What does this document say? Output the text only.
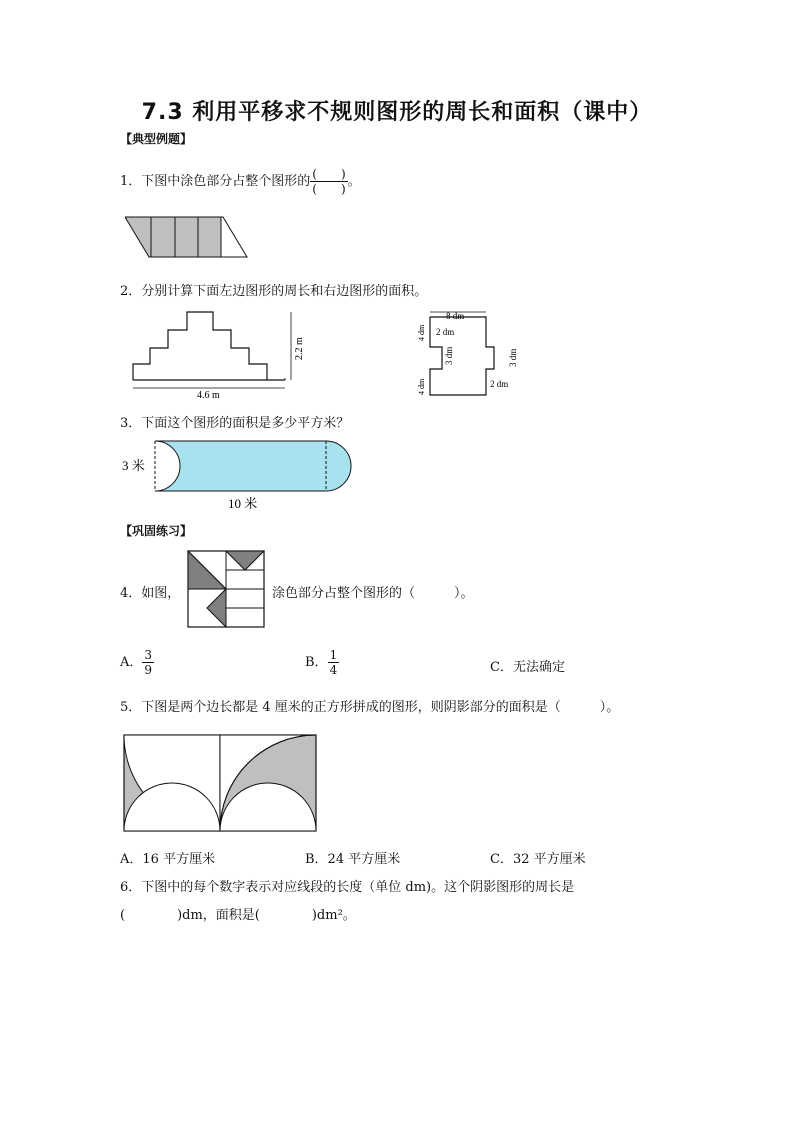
7.3 利用平移求不规则图形的周长和面积（课中）
【典型例题】
1．下图中涂色部分占整个图形的 $\frac{( )}{( )}$ 。
2．分别计算下面左边图形的周长和右边图形的面积。
4.6 m
2.2 m
8 dm
4 dm 2 dm
3 dm	3 dm
4 dm	2 dm
3．下面这个图形的面积是多少平方米？
3 米
10 米
【巩固练习】
4．如图，	涂色部分占整个图形的（　　　）。
A． $\frac{3}{9}$	B． $\frac{1}{4}$	C．无法确定
5．下图是两个边长都是 4 厘米的正方形拼成的图形，则阴影部分的面积是（　　　）。
A．16 平方厘米	B．24 平方厘米	C．32 平方厘米
6．下图中的每个数字表示对应线段的长度（单位 dm)。这个阴影图形的周长是
(　　　　)dm，面积是(　　　　)dm²。
